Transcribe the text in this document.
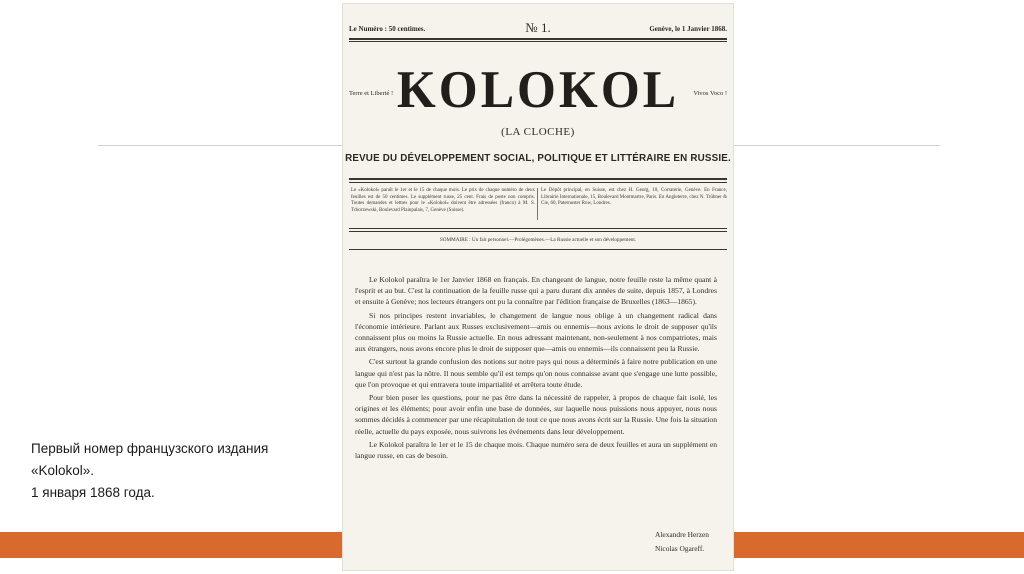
Первый номер французского издания
«Kolokol».
1 января 1868 года.
Le Numéro : 50 centimes.	№ 1.	Genève, le 1 Janvier 1868.
Terre et Liberté !	Vivos Voco !
KOLOKOL
(LA CLOCHE)
REVUE DU DÉVELOPPEMENT SOCIAL, POLITIQUE ET LITTÉRAIRE EN RUSSIE.
Le «Kolokol» paraît le 1er et le 15 de chaque mois. Le prix de chaque numéro de deux feuilles est de 50 centimes. Le supplément russe, 25 cent. Frais de poste non compris. Toutes demandes et lettres pour le «Kolokol» doivent être adressées (franco) à M. S. Tchorzewski, Boulevard Plainpalais, 7, Genève (Suisse).
Le Dépôt principal, en Suisse, est chez H. Georg, 10, Corraterie, Genève. En France, Librairie Internationale, 15, Boulevard Montmartre, Paris. En Angleterre, chez N. Trübner & Cie, 60, Paternoster Row, Londres.
SOMMAIRE : Un fait personnel.—Prolégomènes.—La Russie actuelle et son développement.

Le Kolokol paraîtra le 1er Janvier 1868 en français. En changeant de langue, notre feuille reste la même quant à l'esprit et au but. C'est la continuation de la feuille russe qui a paru durant dix années de suite, depuis 1857, à Londres et ensuite à Genève; nos lecteurs étrangers ont pu la connaître par l'édition française de Bruxelles (1863—1865).

Si nos principes restent invariables, le changement de langue nous oblige à un changement radical dans l'économie intérieure. Parlant aux Russes exclusivement—amis ou ennemis—nous avions le droit de supposer qu'ils connaissent plus ou moins la Russie actuelle. En nous adressant maintenant, non-seulement à nos compatriotes, mais aux étrangers, nous avons encore plus le droit de supposer que—amis ou ennemis—ils connaissent peu la Russie.

C'est surtout la grande confusion des notions sur notre pays qui nous a déterminés à faire notre publication en une langue qui n'est pas la nôtre. Il nous semble qu'il est temps qu'on nous connaisse avant que s'engage une lutte possible, que l'on provoque et qui entravera toute impartialité et arrêtera toute étude.

Pour bien poser les questions, pour ne pas être dans la nécessité de rappeler, à propos de chaque fait isolé, les origines et les éléments; pour avoir enfin une base de données, sur laquelle nous puissions nous appuyer, nous nous sommes décidés à commencer par une récapitulation de tout ce que nous avons écrit sur la Russie. Une fois la situation réelle, actuelle du pays exposée, nous suivrons les événements dans leur développement.

Le Kolokol paraîtra le 1er et le 15 de chaque mois. Chaque numéro sera de deux feuilles et aura un supplément en langue russe, en cas de besoin.

Alexandre Herzen
Nicolas Ogareff.
